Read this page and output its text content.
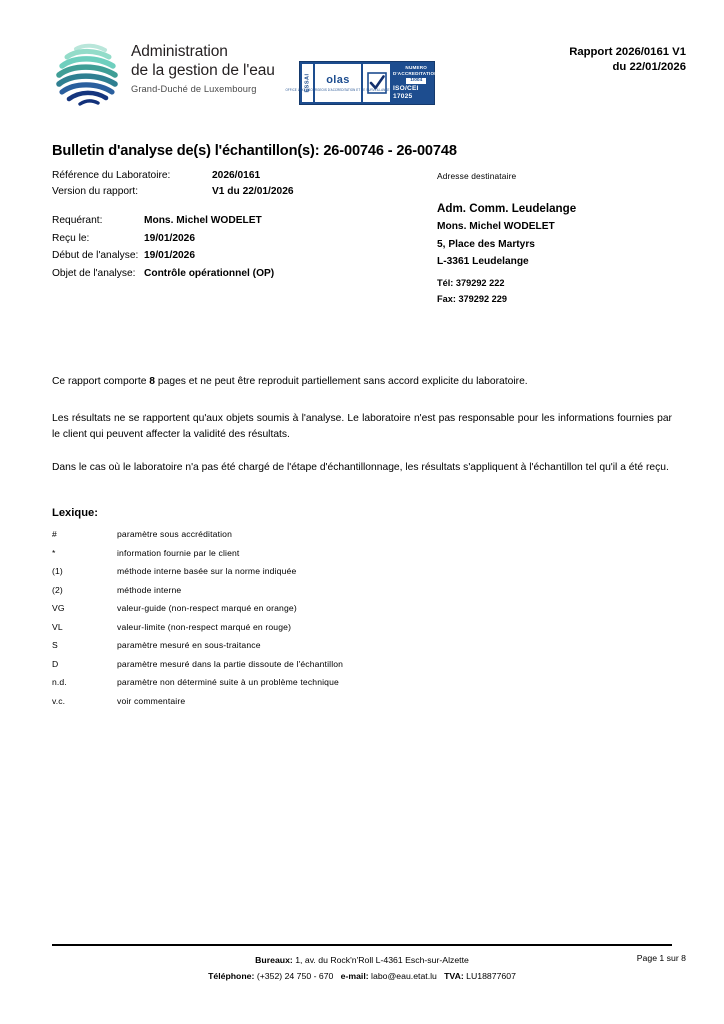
Administration
de la gestion de l'eau
Grand-Duché de Luxembourg	ESSAI olas
OFFICE LUXEMBOURGEOIS D'ACCREDITATION ET DE SURVEILLANCE
NUMERO D'ACCREDITATION:
1/004
ISO/CEI 17025
Rapport 2026/0161 V1
du 22/01/2026
Bulletin d'analyse de(s) l'échantillon(s): 26-00746 - 26-00748
Référence du Laboratoire:	2026/0161
Version du rapport:	V1 du 22/01/2026
Requérant:	Mons. Michel WODELET
Reçu le:	19/01/2026
Début de l'analyse: 19/01/2026
Objet de l'analyse: Contrôle opérationnel (OP)
Adresse destinataire
Adm. Comm. Leudelange
Mons. Michel WODELET
5, Place des Martyrs
L-3361 Leudelange
Tél: 379292 222
Fax: 379292 229
Ce rapport comporte 8 pages et ne peut être reproduit partiellement sans accord explicite du laboratoire.
Les résultats ne se rapportent qu'aux objets soumis à l'analyse. Le laboratoire n'est pas responsable pour les informations fournies par le client qui peuvent affecter la validité des résultats.
Dans le cas où le laboratoire n'a pas été chargé de l'étape d'échantillonnage, les résultats s'appliquent à l'échantillon tel qu'il a été reçu.
Lexique:
#	paramètre sous accréditation
*	information fournie par le client
(1)	méthode interne basée sur la norme indiquée
(2)	méthode interne
VG	valeur-guide (non-respect marqué en orange)
VL	valeur-limite (non-respect marqué en rouge)
S	paramètre mesuré en sous-traitance
D	paramètre mesuré dans la partie dissoute de l'échantillon
n.d.	paramètre non déterminé suite à un problème technique
v.c.	voir commentaire
Bureaux: 1, av. du Rock'n'Roll L-4361 Esch-sur-Alzette
Téléphone: (+352) 24 750 - 670 e-mail: labo@eau.etat.lu TVA: LU18877607
Page 1 sur 8
